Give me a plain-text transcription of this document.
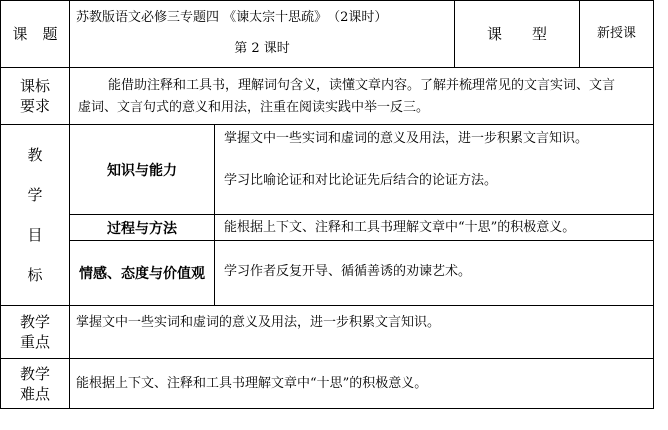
课　题
苏教版语文必修三专题四 《谏太宗十思疏》　（2课时）
第 2 课时
课　　型	新授课
课标
要求
能借助注释和工具书，理解词句含义，读懂文章内容。了解并梳理常见的文言实词、文言虚词、文言句式的意义和用法，注重在阅读实践中举一反三。
教
学
目
标
知识与能力
掌握文中一些实词和虚词的意义及用法，进一步积累文言知识。
学习比喻论证和对比论证先后结合的论证方法。
过程与方法	能根据上下文、注释和工具书理解文章中“十思”的积极意义。
情感、态度与价值观 学习作者反复开导、循循善诱的劝谏艺术。
教学
重点
掌握文中一些实词和虚词的意义及用法，进一步积累文言知识。
教学
难点
能根据上下文、注释和工具书理解文章中“十思”的积极意义。
